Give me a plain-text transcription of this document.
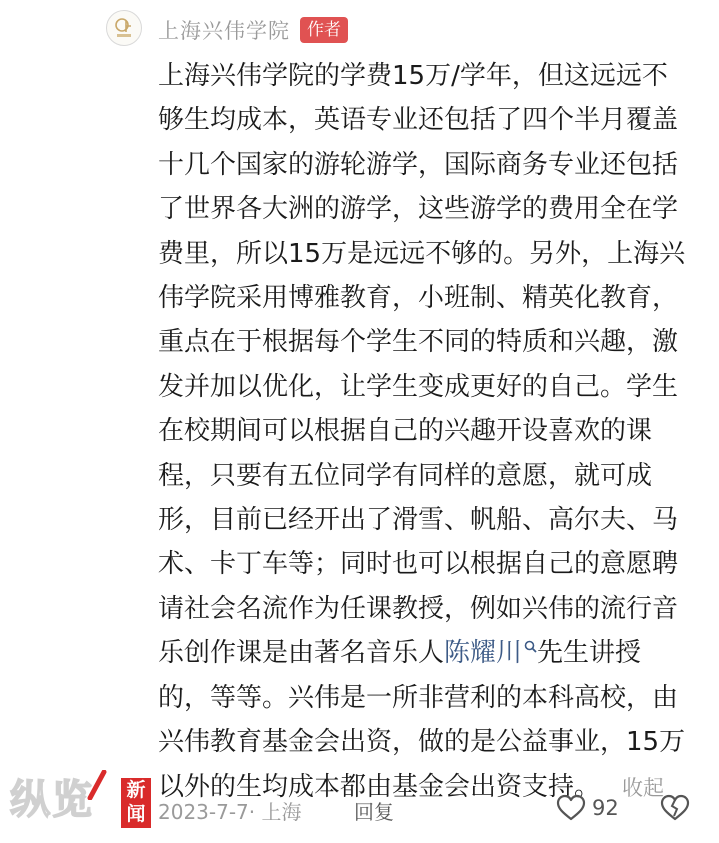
上海兴伟学院	作者

上海兴伟学院的学费15万/学年，但这远远不
够生均成本，英语专业还包括了四个半月覆盖
十几个国家的游轮游学，国际商务专业还包括
了世界各大洲的游学，这些游学的费用全在学
费里，所以15万是远远不够的。另外，上海兴
伟学院采用博雅教育，小班制、精英化教育，
重点在于根据每个学生不同的特质和兴趣，激
发并加以优化，让学生变成更好的自己。学生
在校期间可以根据自己的兴趣开设喜欢的课
程，只要有五位同学有同样的意愿，就可成
形，目前已经开出了滑雪、帆船、高尔夫、马
术、卡丁车等；同时也可以根据自己的意愿聘
请社会名流作为任课教授，例如兴伟的流行音
乐创作课是由著名音乐人陈耀川 先生讲授
的，等等。兴伟是一所非营利的本科高校，由
兴伟教育基金会出资，做的是公益事业，15万
以外的生均成本都由基金会出资支持。 收起

2023-7-7· 上海	回复	92
纵览 新
闻
